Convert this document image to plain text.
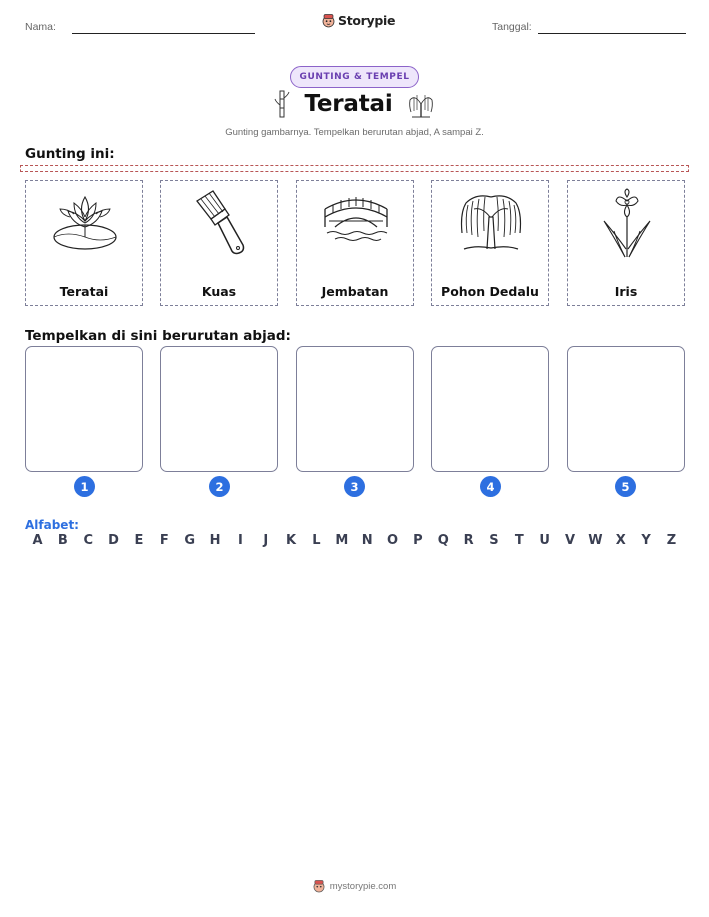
Nama:	Storypie	Tanggal:
GUNTING & TEMPEL
Teratai
Gunting gambarnya. Tempelkan berurutan abjad, A sampai Z.
Gunting ini:
Teratai	Kuas	Jembatan	Pohon Dedalu	Iris
Tempelkan di sini berurutan abjad:
1	2	3	4	5
Alfabet:
A	B	C	D	E	F	G	H	I	J	K	L	M	N	O	P	Q	R	S	T	U	V	W	X	Y	Z
mystorypie.com
